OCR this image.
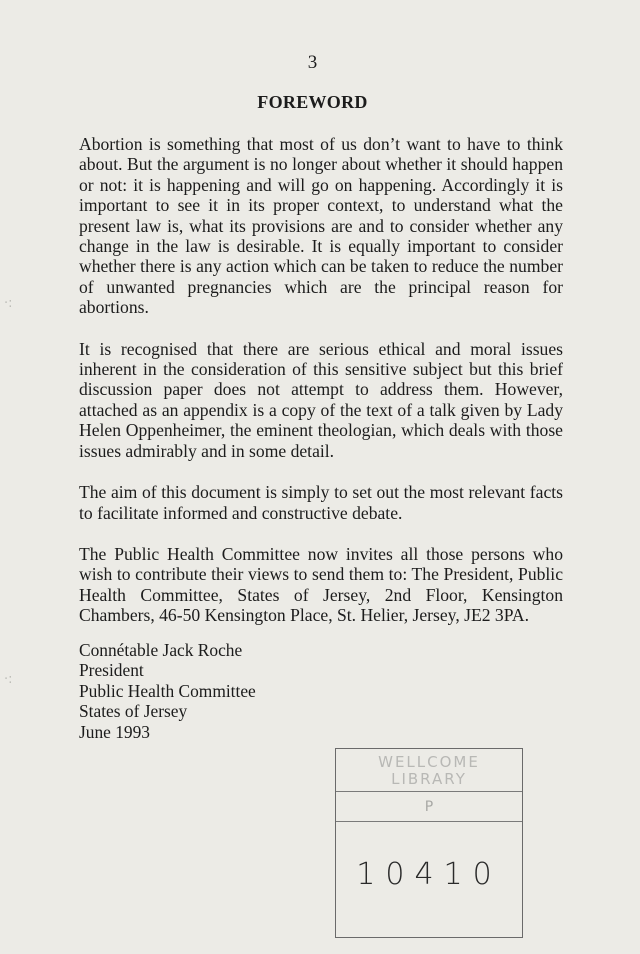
3
FOREWORD

Abortion is something that most of us don’t want to have to think about. But the argument is no longer about whether it should happen or not: it is happening and will go on happening. Accordingly it is important to see it in its proper context, to understand what the present law is, what its provisions are and to consider whether any change in the law is desirable. It is equally important to consider whether there is any action which can be taken to reduce the number of unwanted pregnancies which are the principal reason for abortions.

It is recognised that there are serious ethical and moral issues inherent in the consideration of this sensitive subject but this brief discussion paper does not attempt to address them. However, attached as an appendix is a copy of the text of a talk given by Lady Helen Oppenheimer, the eminent theologian, which deals with those issues admirably and in some detail.

The aim of this document is simply to set out the most relevant facts to facilitate informed and constructive debate.

The Public Health Committee now invites all those persons who wish to contribute their views to send them to: The President, Public Health Committee, States of Jersey, 2nd Floor, Kensington Chambers, 46-50 Kensington Place, St. Helier, Jersey, JE2 3PA.

Connétable Jack Roche
President
Public Health Committee
States of Jersey
June 1993
WELLCOME
LIBRARY
P
10410
·:
·:
